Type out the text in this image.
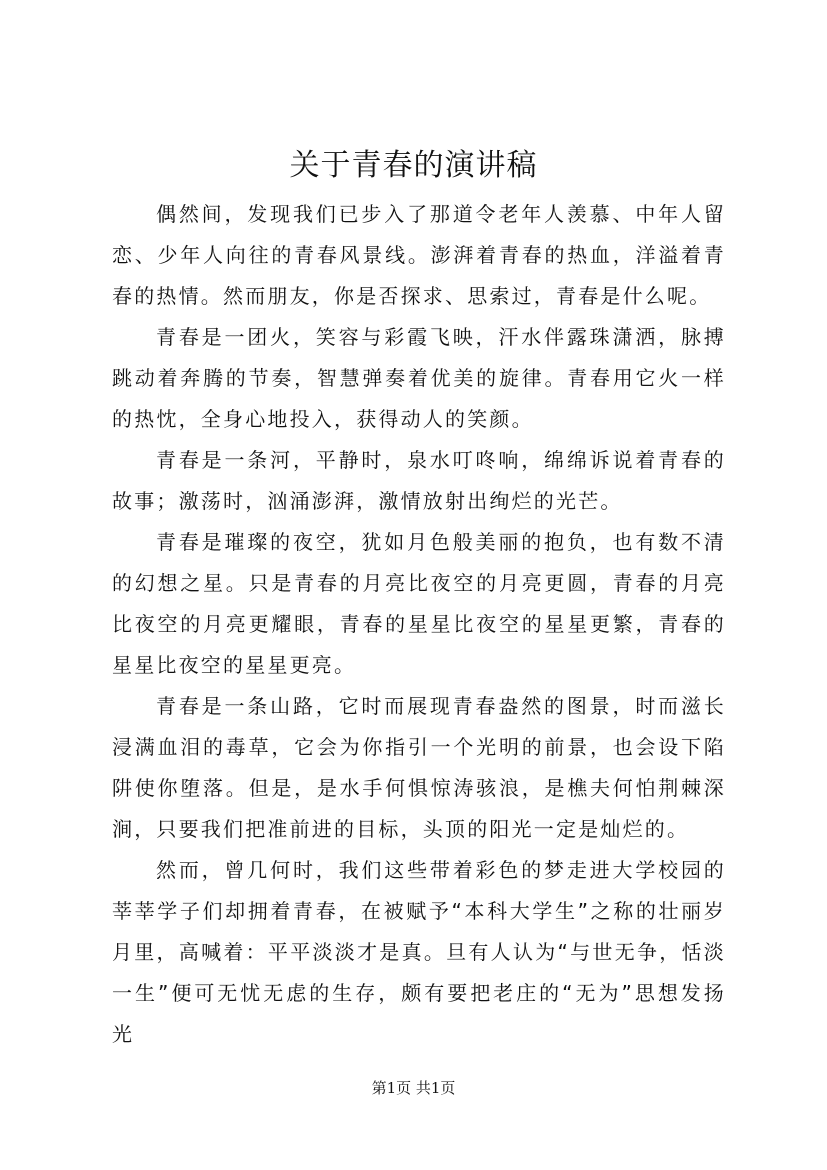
关于青春的演讲稿

偶然间，发现我们已步入了那道令老年人羡慕、中年人留恋、少年人向往的青春风景线。澎湃着青春的热血，洋溢着青春的热情。然而朋友，你是否探求、思索过，青春是什么呢。

青春是一团火，笑容与彩霞飞映，汗水伴露珠潇洒，脉搏跳动着奔腾的节奏，智慧弹奏着优美的旋律。青春用它火一样的热忱，全身心地投入，获得动人的笑颜。

青春是一条河，平静时，泉水叮咚响，绵绵诉说着青春的故事；激荡时，汹涌澎湃，激情放射出绚烂的光芒。

青春是璀璨的夜空，犹如月色般美丽的抱负，也有数不清的幻想之星。只是青春的月亮比夜空的月亮更圆，青春的月亮比夜空的月亮更耀眼，青春的星星比夜空的星星更繁，青春的星星比夜空的星星更亮。

青春是一条山路，它时而展现青春盎然的图景，时而滋长浸满血泪的毒草，它会为你指引一个光明的前景，也会设下陷阱使你堕落。但是，是水手何惧惊涛骇浪，是樵夫何怕荆棘深涧，只要我们把准前进的目标，头顶的阳光一定是灿烂的。

然而，曾几何时，我们这些带着彩色的梦走进大学校园的莘莘学子们却拥着青春，在被赋予“本科大学生”之称的壮丽岁月里，高喊着：平平淡淡才是真。旦有人认为“与世无争，恬淡一生”便可无忧无虑的生存，颇有要把老庄的“无为”思想发扬光

第1页 共1页
